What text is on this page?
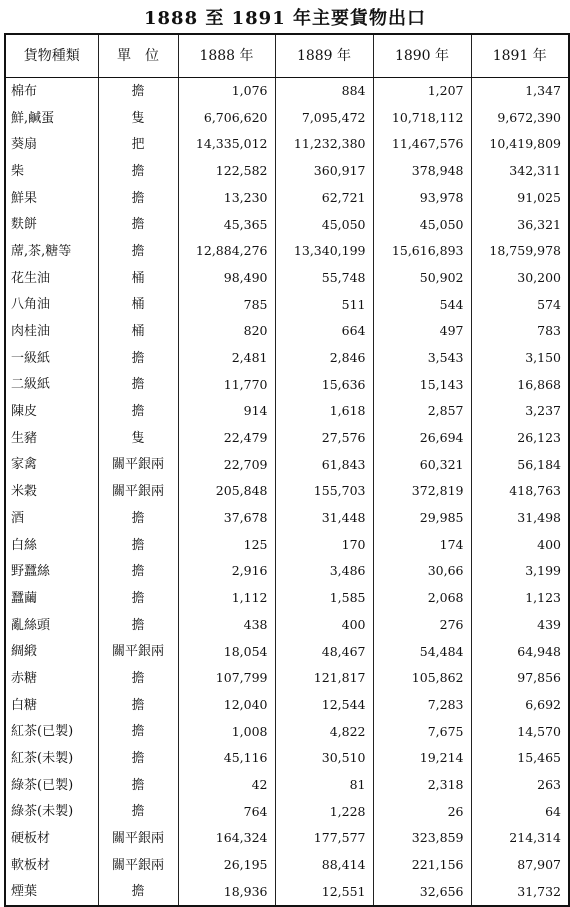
1888 至 1891 年主要貨物出口
貨物種類	單　位	1888 年	1889 年	1890 年	1891 年
棉布	擔	1,076	884	1,207	1,347
鮮,鹹蛋	隻	6,706,620	7,095,472	10,718,112	9,672,390
葵扇	把	14,335,012	11,232,380	11,467,576	10,419,809
柴	擔	122,582	360,917	378,948	342,311
鮮果	擔	13,230	62,721	93,978	91,025
麩餅	擔	45,365	45,050	45,050	36,321
蓆,茶,糖等	擔	12,884,276	13,340,199	15,616,893	18,759,978
花生油	桶	98,490	55,748	50,902	30,200
八角油	桶	785	511	544	574
肉桂油	桶	820	664	497	783
一級紙	擔	2,481	2,846	3,543	3,150
二級紙	擔	11,770	15,636	15,143	16,868
陳皮	擔	914	1,618	2,857	3,237
生豬	隻	22,479	27,576	26,694	26,123
家禽	關平銀兩	22,709	61,843	60,321	56,184
米穀	關平銀兩	205,848	155,703	372,819	418,763
酒	擔	37,678	31,448	29,985	31,498
白絲	擔	125	170	174	400
野蠶絲	擔	2,916	3,486	30,66	3,199
蠶繭	擔	1,112	1,585	2,068	1,123
亂絲頭	擔	438	400	276	439
綢緞	關平銀兩	18,054	48,467	54,484	64,948
赤糖	擔	107,799	121,817	105,862	97,856
白糖	擔	12,040	12,544	7,283	6,692
紅茶(已製)	擔	1,008	4,822	7,675	14,570
紅茶(未製)	擔	45,116	30,510	19,214	15,465
綠茶(已製)	擔	42	81	2,318	263
綠茶(未製)	擔	764	1,228	26	64
硬板材	關平銀兩	164,324	177,577	323,859	214,314
軟板材	關平銀兩	26,195	88,414	221,156	87,907
煙葉	擔	18,936	12,551	32,656	31,732
